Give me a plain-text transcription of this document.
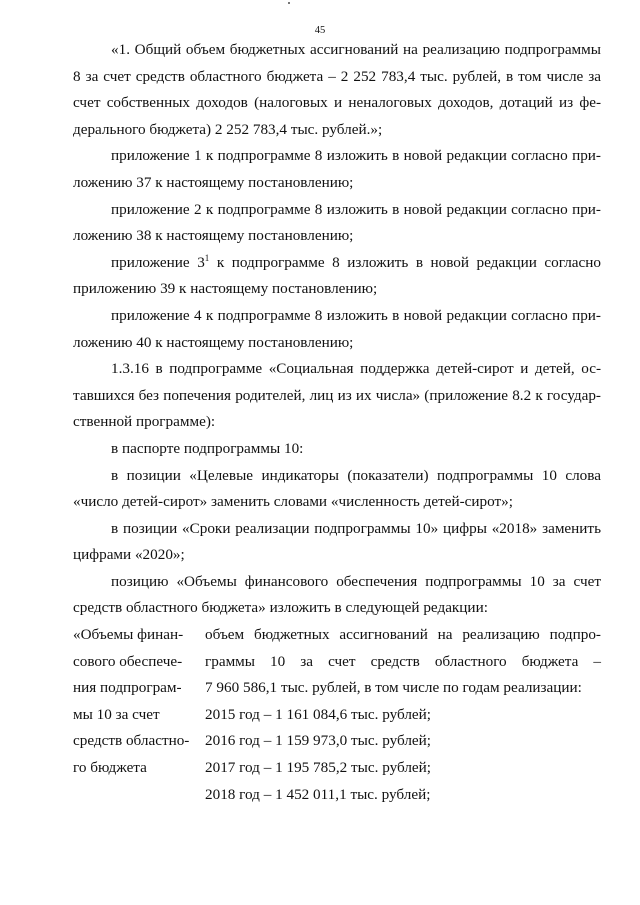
45

«1. Общий объем бюджетных ассигнований на реализацию подпрограммы
8 за счет средств областного бюджета – 2 252 783,4 тыс. рублей, в том числе за
счет собственных доходов (налоговых и неналоговых доходов, дотаций из фе-
дерального бюджета) 2 252 783,4 тыс. рублей.»;

приложение 1 к подпрограмме 8 изложить в новой редакции согласно при-
ложению 37 к настоящему постановлению;

приложение 2 к подпрограмме 8 изложить в новой редакции согласно при-
ложению 38 к настоящему постановлению;

приложение $3^1$ к подпрограмме 8 изложить в новой редакции согласно
приложению 39 к настоящему постановлению;

приложение 4 к подпрограмме 8 изложить в новой редакции согласно при-
ложению 40 к настоящему постановлению;

1.3.16 в подпрограмме «Социальная поддержка детей-сирот и детей, ос-
тавшихся без попечения родителей, лиц из их числа» (приложение 8.2 к государ-
ственной программе):

в паспорте подпрограммы 10:

в позиции «Целевые индикаторы (показатели) подпрограммы 10 слова
«число детей-сирот» заменить словами «численность детей-сирот»;

в позиции «Сроки реализации подпрограммы 10» цифры «2018» заменить
цифрами «2020»;

позицию «Объемы финансового обеспечения подпрограммы 10 за счет
средств областного бюджета» изложить в следующей редакции:

«Объемы финан-
сового обеспече-
ния подпрограм-
мы 10 за счет
средств областно-
го бюджета
объем бюджетных ассигнований на реализацию подпро-
граммы 10 за счет средств областного бюджета –
7 960 586,1 тыс. рублей, в том числе по годам реализации:
2015 год – 1 161 084,6 тыс. рублей;
2016 год – 1 159 973,0 тыс. рублей;
2017 год – 1 195 785,2 тыс. рублей;
2018 год – 1 452 011,1 тыс. рублей;
